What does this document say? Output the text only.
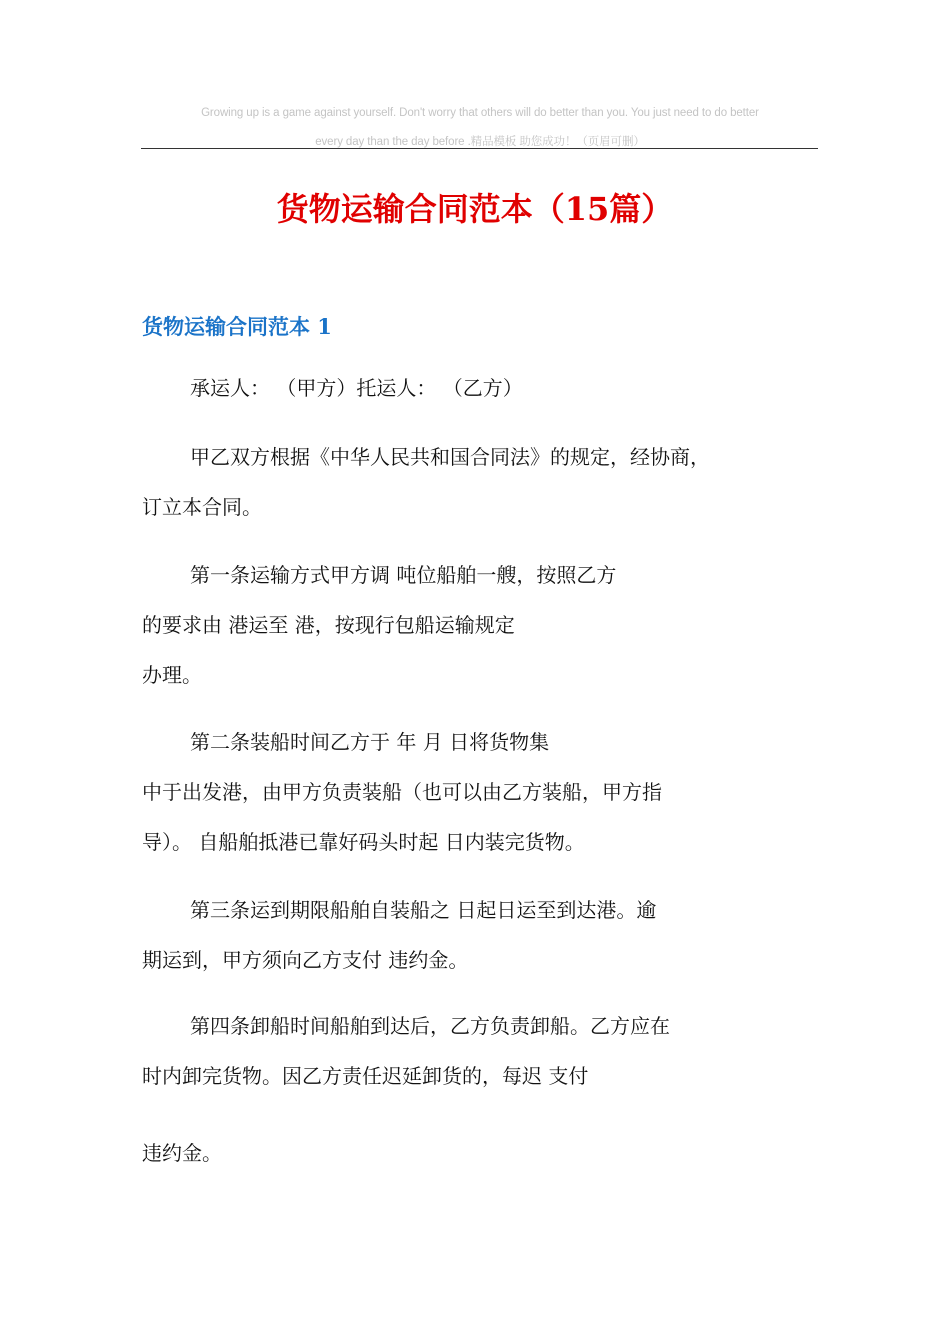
Growing up is a game against yourself. Don't worry that others will do better than you. You just need to do better
every day than the day before .精品模板 助您成功！（页眉可删）
货物运输合同范本（15篇）
货物运输合同范本 1
承运人： （甲方）托运人： （乙方）
甲乙双方根据《中华人民共和国合同法》的规定，经协商，
订立本合同。
第一条运输方式甲方调 吨位船舶一艘，按照乙方
的要求由 港运至 港，按现行包船运输规定
办理。
第二条装船时间乙方于 年 月 日将货物集
中于出发港，由甲方负责装船（也可以由乙方装船，甲方指
导）。 自船舶抵港已靠好码头时起 日内装完货物。
第三条运到期限船舶自装船之 日起日运至到达港。逾
期运到，甲方须向乙方支付 违约金。
第四条卸船时间船舶到达后，乙方负责卸船。乙方应在
时内卸完货物。因乙方责任迟延卸货的，每迟 支付
违约金。
